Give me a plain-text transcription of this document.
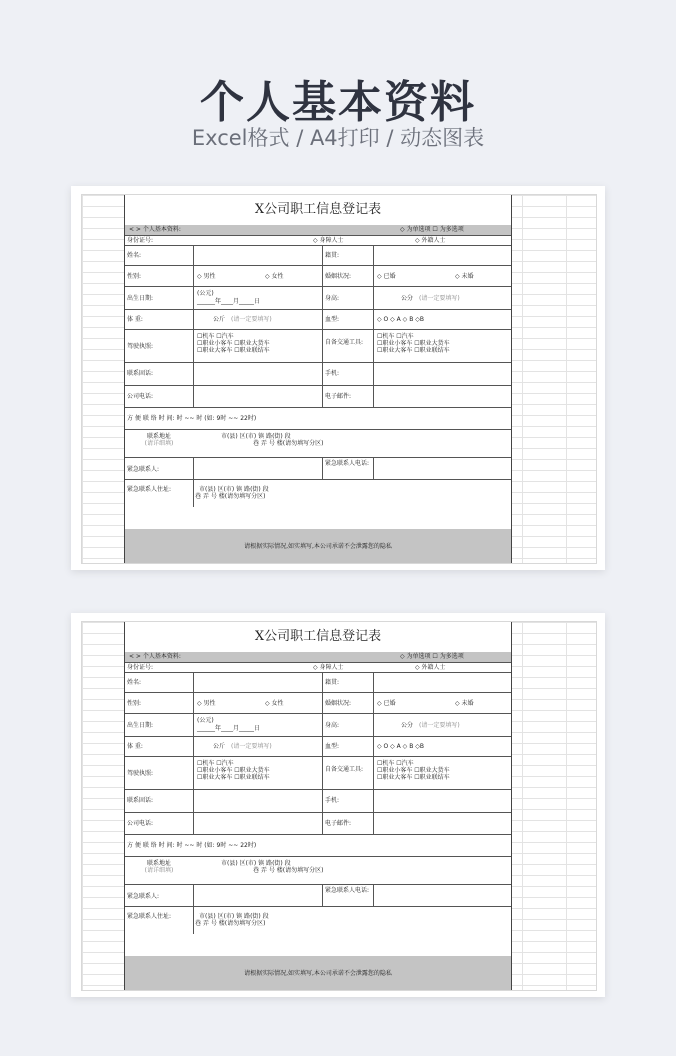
个人基本资料
Excel格式 / A4打印 / 动态图表
X公司职工信息登记表
< > 个人基本资料:	◇ 为单选项 ☐ 为多选项
身份证号:	◇ 身障人士	◇ 外籍人士
姓名:	籍贯:
性别:	◇ 男性	◇ 女性	婚姻状况:	◇ 已婚	◇ 未婚
(公元)
出生日期:	______年____月_____日	身高:	公分 (请一定要填写)
体 重:	公斤 (请一定要填写)	血型:	◇ O ◇ A ◇ B ◇B
驾驶执照:
☐机车 ☐汽车
☐职业小客车 ☐职业大货车
☐职业大客车 ☐职业联结车
自备交通工具:
☐机车 ☐汽车
☐职业小客车 ☐职业大货车
☐职业大客车 ☐职业联结车
联系固话:	手机:
公司电话:	电子邮件:
方 便 联 络 时 间: 时 ~~ 时 (如: 9时 ~~ 22时)
联系地址
(请详细填)
市(县) 区(市) 镇 路(街) 段
巷 弄 号 楼(请勿填写分区)
紧急联系人:
紧急联系人电话:
紧急联系人住址:	市(县) 区(市) 镇 路(街) 段
巷 弄 号 楼(请勿填写分区)
请根据实际情况,如实填写,本公司承诺不会泄露您的隐私
X公司职工信息登记表
< > 个人基本资料:	◇ 为单选项 ☐ 为多选项
身份证号:	◇ 身障人士	◇ 外籍人士
姓名:	籍贯:
性别:	◇ 男性	◇ 女性	婚姻状况:	◇ 已婚	◇ 未婚
(公元)
出生日期:	______年____月_____日	身高:	公分 (请一定要填写)
体 重:	公斤 (请一定要填写)	血型:	◇ O ◇ A ◇ B ◇B
驾驶执照:
☐机车 ☐汽车
☐职业小客车 ☐职业大货车
☐职业大客车 ☐职业联结车
自备交通工具:
☐机车 ☐汽车
☐职业小客车 ☐职业大货车
☐职业大客车 ☐职业联结车
联系固话:	手机:
公司电话:	电子邮件:
方 便 联 络 时 间: 时 ~~ 时 (如: 9时 ~~ 22时)
联系地址
(请详细填)
市(县) 区(市) 镇 路(街) 段
巷 弄 号 楼(请勿填写分区)
紧急联系人:
紧急联系人电话:
紧急联系人住址:	市(县) 区(市) 镇 路(街) 段
巷 弄 号 楼(请勿填写分区)
请根据实际情况,如实填写,本公司承诺不会泄露您的隐私
